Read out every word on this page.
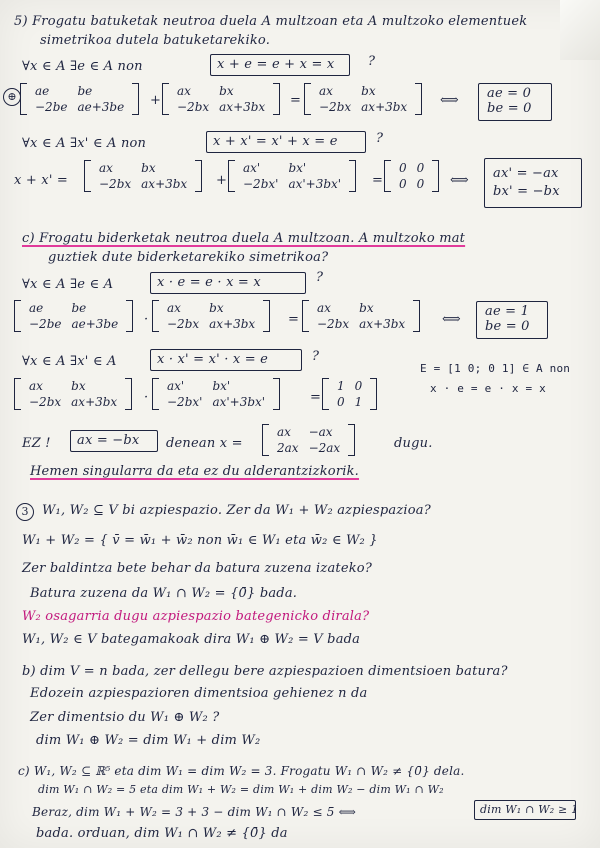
5) Frogatu batuketak neutroa duela A multzoan eta A multzoko elementuek
simetrikoa dutela batuketarekiko.
∀x ∈ A ∃e ∈ A non	x + e = e + x = x	?
⊕	ae	be
−2be	ae+3be +
ax	bx
−2bx	ax+3bx =
ax	bx
−2bx	ax+3bx	⟺ ae = 0
be = 0
∀x ∈ A ∃x' ∈ A non	x + x' = x' + x = e	?
x + x' =
ax	bx
−2bx	ax+3bx +
ax'	bx'
−2bx'	ax'+3bx' =
0	0
0	0 ⟺ ax' = −ax
bx' = −bx
c) Frogatu biderketak neutroa duela A multzoan. A multzoko mat
guztiek dute biderketarekiko simetrikoa?
∀x ∈ A ∃e ∈ A	x · e = e · x = x	?
ae	be
−2be	ae+3be ·
ax	bx
−2bx	ax+3bx	=
ax	bx
−2bx	ax+3bx	⟺
ae = 1
be = 0
∀x ∈ A ∃x' ∈ A	x · x' = x' · x = e	?
E = [1 0; 0 1] ∈ A non
x · e = e · x = x
ax	bx
−2bx	ax+3bx ·
ax'	bx'
−2bx'	ax'+3bx'	=
1	0
0	1
EZ ! ax = −bx denean x =
ax	−ax
2ax	−2ax	dugu.
Hemen singularra da eta ez du alderantzizkorik.
3	W₁, W₂ ⊆ V bi azpiespazio. Zer da W₁ + W₂ azpiespazioa?
W₁ + W₂ = { v̄ = w̄₁ + w̄₂ non w̄₁ ∈ W₁ eta w̄₂ ∈ W₂ }
Zer baldintza bete behar da batura zuzena izateko?
Batura zuzena da W₁ ∩ W₂ = {0̄} bada.
W₂ osagarria dugu azpiespazio bategenicko dirala?
W₁, W₂ ∈ V bategamakoak dira W₁ ⊕ W₂ = V bada
b) dim V = n bada, zer dellegu bere azpiespazioen dimentsioen batura?
Edozein azpiespazioren dimentsioa gehienez n da
Zer dimentsio du W₁ ⊕ W₂ ?
dim W₁ ⊕ W₂ = dim W₁ + dim W₂
c) W₁, W₂ ⊆ ℝ⁵ eta dim W₁ = dim W₂ = 3. Frogatu W₁ ∩ W₂ ≠ {0̄} dela.
dim W₁ ∩ W₂ = 5 eta dim W₁ + W₂ = dim W₁ + dim W₂ − dim W₁ ∩ W₂
Beraz, dim W₁ + W₂ = 3 + 3 − dim W₁ ∩ W₂ ≤ 5 ⟺	dim W₁ ∩ W₂ ≥ 1
bada. orduan, dim W₁ ∩ W₂ ≠ {0̄} da
